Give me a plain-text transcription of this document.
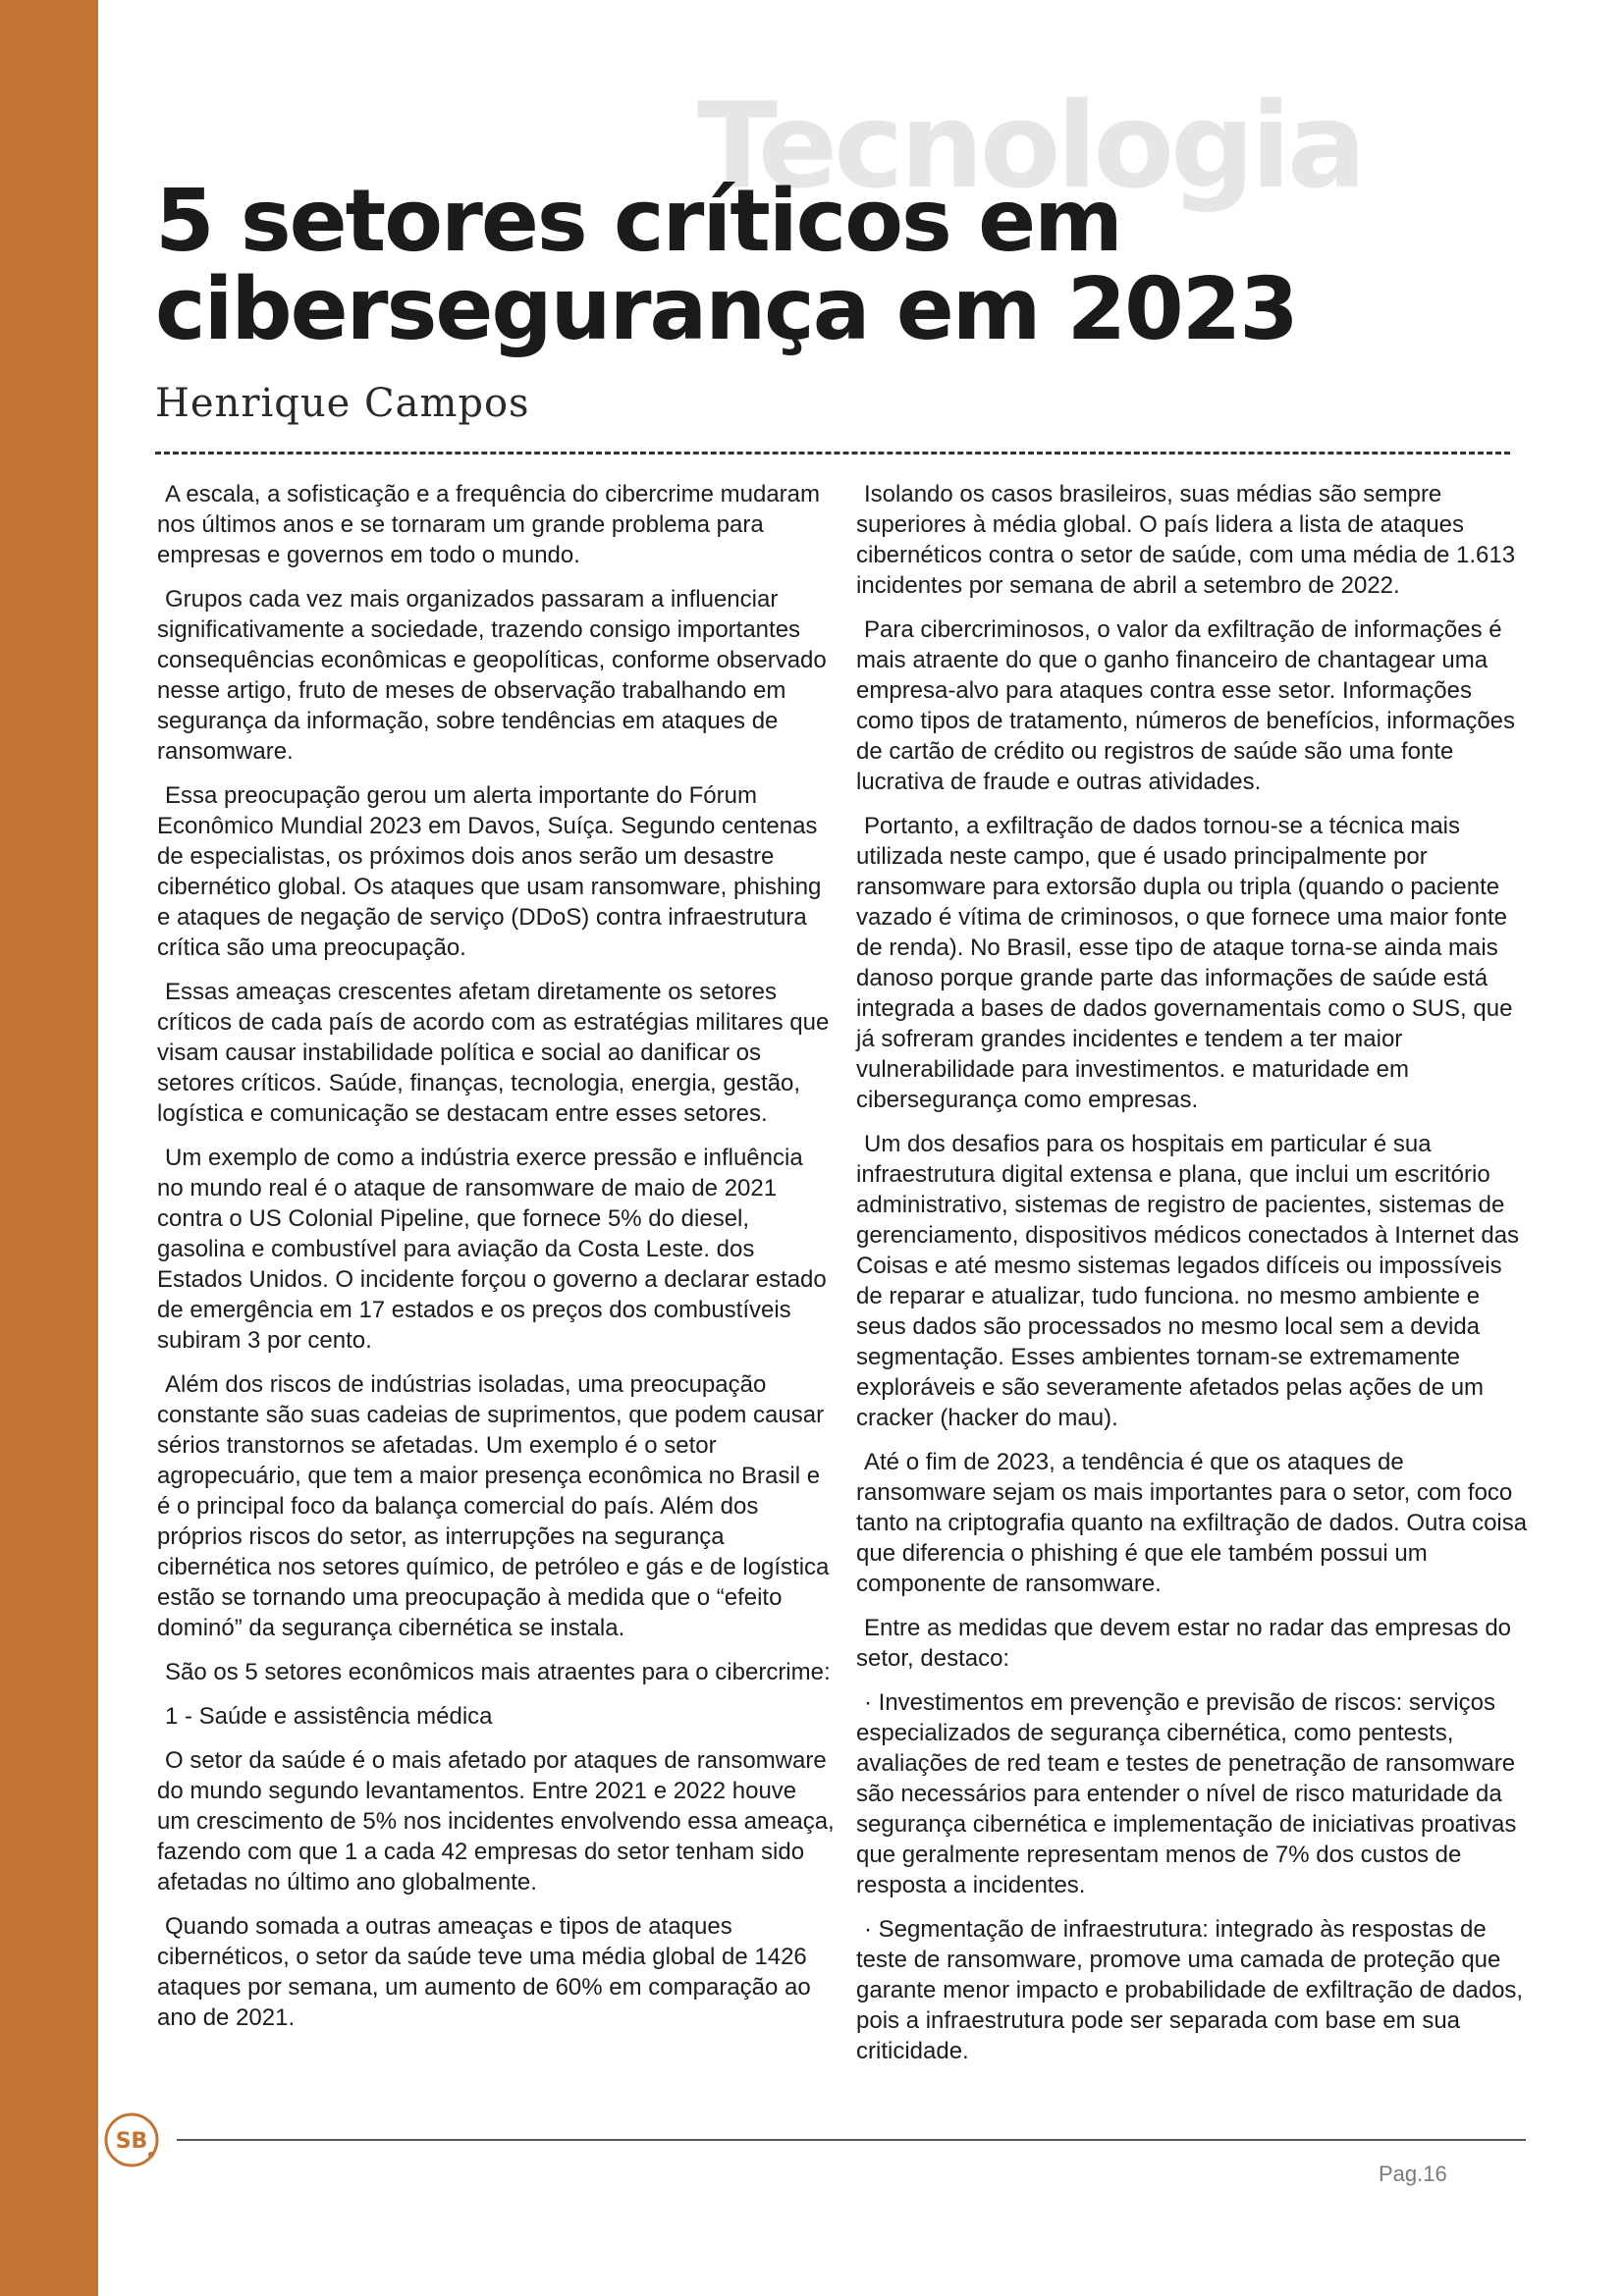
Tecnologia
5 setores críticos em
cibersegurança em 2023
Henrique Campos

A escala, a sofisticação e a frequência do cibercrime mudaram nos últimos anos e se tornaram um grande problema para empresas e governos em todo o mundo.

Grupos cada vez mais organizados passaram a influenciar significativamente a sociedade, trazendo consigo importantes consequências econômicas e geopolíticas, conforme observado nesse artigo, fruto de meses de observação trabalhando em segurança da informação, sobre tendências em ataques de ransomware.

Essa preocupação gerou um alerta importante do Fórum Econômico Mundial 2023 em Davos, Suíça. Segundo centenas de especialistas, os próximos dois anos serão um desastre cibernético global. Os ataques que usam ransomware, phishing e ataques de negação de serviço (DDoS) contra infraestrutura crítica são uma preocupação.

Essas ameaças crescentes afetam diretamente os setores críticos de cada país de acordo com as estratégias militares que visam causar instabilidade política e social ao danificar os setores críticos. Saúde, finanças, tecnologia, energia, gestão, logística e comunicação se destacam entre esses setores.

Um exemplo de como a indústria exerce pressão e influência no mundo real é o ataque de ransomware de maio de 2021 contra o US Colonial Pipeline, que fornece 5% do diesel, gasolina e combustível para aviação da Costa Leste. dos Estados Unidos. O incidente forçou o governo a declarar estado de emergência em 17 estados e os preços dos combustíveis subiram 3 por cento.

Além dos riscos de indústrias isoladas, uma preocupação constante são suas cadeias de suprimentos, que podem causar sérios transtornos se afetadas. Um exemplo é o setor agropecuário, que tem a maior presença econômica no Brasil e é o principal foco da balança comercial do país. Além dos próprios riscos do setor, as interrupções na segurança cibernética nos setores químico, de petróleo e gás e de logística estão se tornando uma preocupação à medida que o “efeito dominó” da segurança cibernética se instala.

São os 5 setores econômicos mais atraentes para o cibercrime:

1 - Saúde e assistência médica

O setor da saúde é o mais afetado por ataques de ransomware do mundo segundo levantamentos. Entre 2021 e 2022 houve um crescimento de 5% nos incidentes envolvendo essa ameaça, fazendo com que 1 a cada 42 empresas do setor tenham sido afetadas no último ano globalmente.

Quando somada a outras ameaças e tipos de ataques cibernéticos, o setor da saúde teve uma média global de 1426 ataques por semana, um aumento de 60% em comparação ao ano de 2021.

Isolando os casos brasileiros, suas médias são sempre superiores à média global. O país lidera a lista de ataques cibernéticos contra o setor de saúde, com uma média de 1.613 incidentes por semana de abril a setembro de 2022.

Para cibercriminosos, o valor da exfiltração de informações é mais atraente do que o ganho financeiro de chantagear uma empresa-alvo para ataques contra esse setor. Informações como tipos de tratamento, números de benefícios, informações de cartão de crédito ou registros de saúde são uma fonte lucrativa de fraude e outras atividades.

Portanto, a exfiltração de dados tornou-se a técnica mais utilizada neste campo, que é usado principalmente por ransomware para extorsão dupla ou tripla (quando o paciente vazado é vítima de criminosos, o que fornece uma maior fonte de renda). No Brasil, esse tipo de ataque torna-se ainda mais danoso porque grande parte das informações de saúde está integrada a bases de dados governamentais como o SUS, que já sofreram grandes incidentes e tendem a ter maior vulnerabilidade para investimentos. e maturidade em cibersegurança como empresas.

Um dos desafios para os hospitais em particular é sua infraestrutura digital extensa e plana, que inclui um escritório administrativo, sistemas de registro de pacientes, sistemas de gerenciamento, dispositivos médicos conectados à Internet das Coisas e até mesmo sistemas legados difíceis ou impossíveis de reparar e atualizar, tudo funciona. no mesmo ambiente e seus dados são processados no mesmo local sem a devida segmentação. Esses ambientes tornam-se extremamente exploráveis e são severamente afetados pelas ações de um cracker (hacker do mau).

Até o fim de 2023, a tendência é que os ataques de ransomware sejam os mais importantes para o setor, com foco tanto na criptografia quanto na exfiltração de dados. Outra coisa que diferencia o phishing é que ele também possui um componente de ransomware.

Entre as medidas que devem estar no radar das empresas do setor, destaco:

· Investimentos em prevenção e previsão de riscos: serviços especializados de segurança cibernética, como pentests, avaliações de red team e testes de penetração de ransomware são necessários para entender o nível de risco maturidade da segurança cibernética e implementação de iniciativas proativas que geralmente representam menos de 7% dos custos de resposta a incidentes.

· Segmentação de infraestrutura: integrado às respostas de teste de ransomware, promove uma camada de proteção que garante menor impacto e probabilidade de exfiltração de dados, pois a infraestrutura pode ser separada com base em sua criticidade.

SB
Pag.16
